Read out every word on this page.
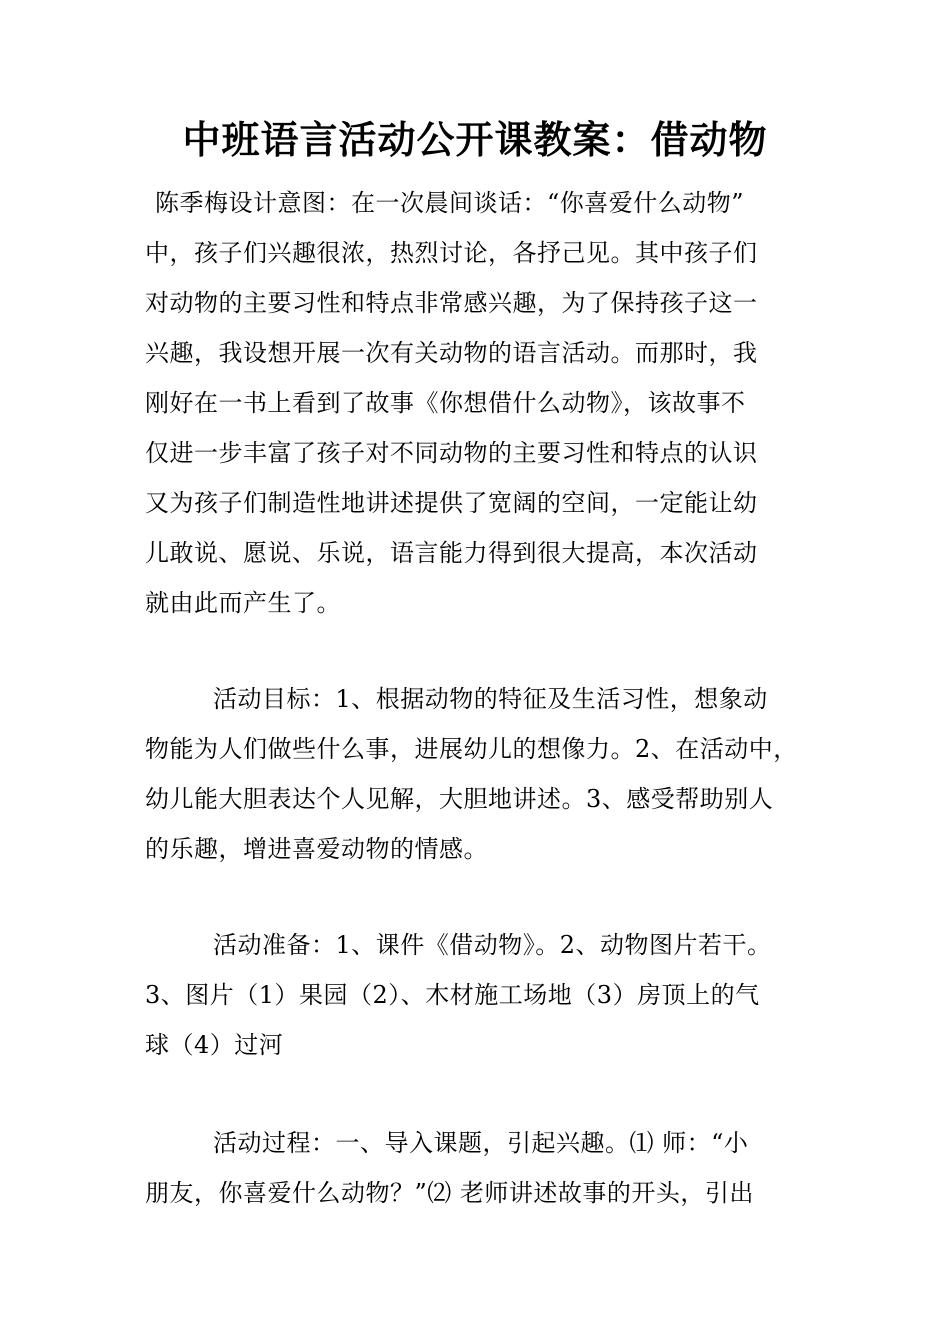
中班语言活动公开课教案：借动物
陈季梅设计意图：在一次晨间谈话：“你喜爱什么动物”
中，孩子们兴趣很浓，热烈讨论，各抒己见。其中孩子们
对动物的主要习性和特点非常感兴趣，为了保持孩子这一
兴趣，我设想开展一次有关动物的语言活动。而那时，我
刚好在一书上看到了故事《你想借什么动物》，该故事不
仅进一步丰富了孩子对不同动物的主要习性和特点的认识
又为孩子们制造性地讲述提供了宽阔的空间，一定能让幼
儿敢说、愿说、乐说，语言能力得到很大提高，本次活动
就由此而产生了。
活动目标：1、根据动物的特征及生活习性，想象动
物能为人们做些什么事，进展幼儿的想像力。2、在活动中，
幼儿能大胆表达个人见解，大胆地讲述。3、感受帮助别人
的乐趣，增进喜爱动物的情感。
活动准备：1、课件《借动物》。2、动物图片若干。
3、图片（1）果园（2）、木材施工场地（3）房顶上的气
球（4）过河
活动过程：一、导入课题，引起兴趣。⑴ 师：“小
朋友，你喜爱什么动物？”⑵ 老师讲述故事的开头，引出
